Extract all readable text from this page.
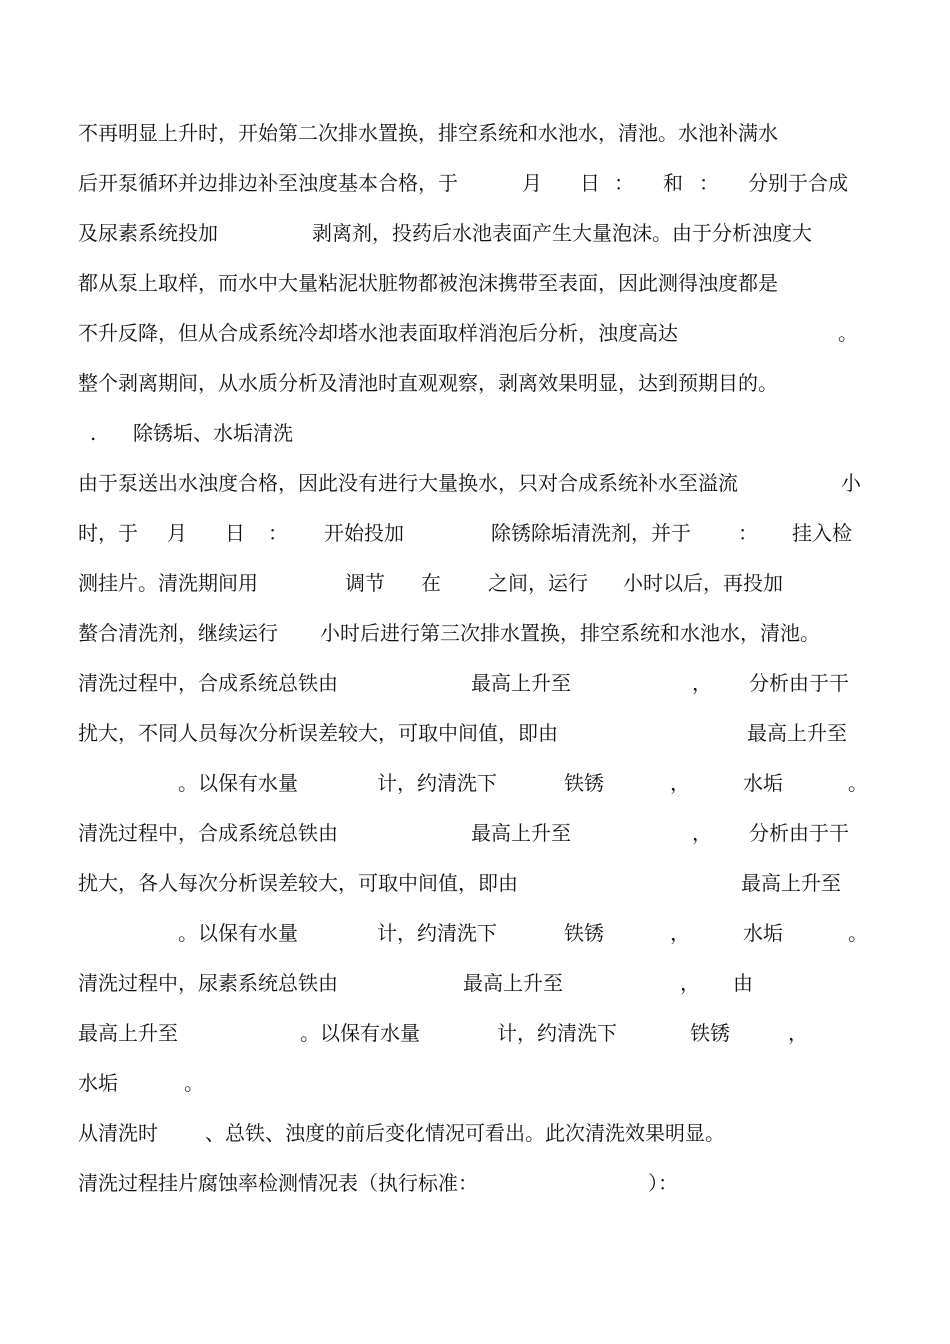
不再明显上升时，开始第二次排水置换，排空系统和水池水，清池。水池补满水
后开泵循环并边排边补至浊度基本合格，于	月 日 ： 和 ： 分别于合成
及尿素系统投加	剥离剂，投药后水池表面产生大量泡沫。由于分析浊度大
都从泵上取样，而水中大量粘泥状脏物都被泡沫携带至表面，因此测得浊度都是
不升反降，但从合成系统冷却塔水池表面取样消泡后分析，浊度高达	。
整个剥离期间，从水质分析及清池时直观观察，剥离效果明显，达到预期目的。
. 除锈垢、水垢清洗
由于泵送出水浊度合格，因此没有进行大量换水，只对合成系统补水至溢流	小
时，于 月 日 ： 开始投加	除锈除垢清洗剂，并于 ： 挂入检
测挂片。清洗期间用	调节 在 之间，运行 小时以后，再投加
螯合清洗剂，继续运行 小时后进行第三次排水置换，排空系统和水池水，清池。
清洗过程中，合成系统总铁由	最高上升至	， 分析由于干
扰大，不同人员每次分析误差较大，可取中间值，即由	最高上升至
。以保有水量	计，约清洗下	铁锈	，	水垢	。
清洗过程中，合成系统总铁由	最高上升至	， 分析由于干
扰大，各人每次分析误差较大，可取中间值，即由	最高上升至
。以保有水量	计，约清洗下	铁锈	，	水垢	。
清洗过程中，尿素系统总铁由	最高上升至	， 由
最高上升至	。以保有水量	计，约清洗下	铁锈	，
水垢	。
从清洗时 、总铁、浊度的前后变化情况可看出。此次清洗效果明显。
清洗过程挂片腐蚀率检测情况表（执行标准：	）：
